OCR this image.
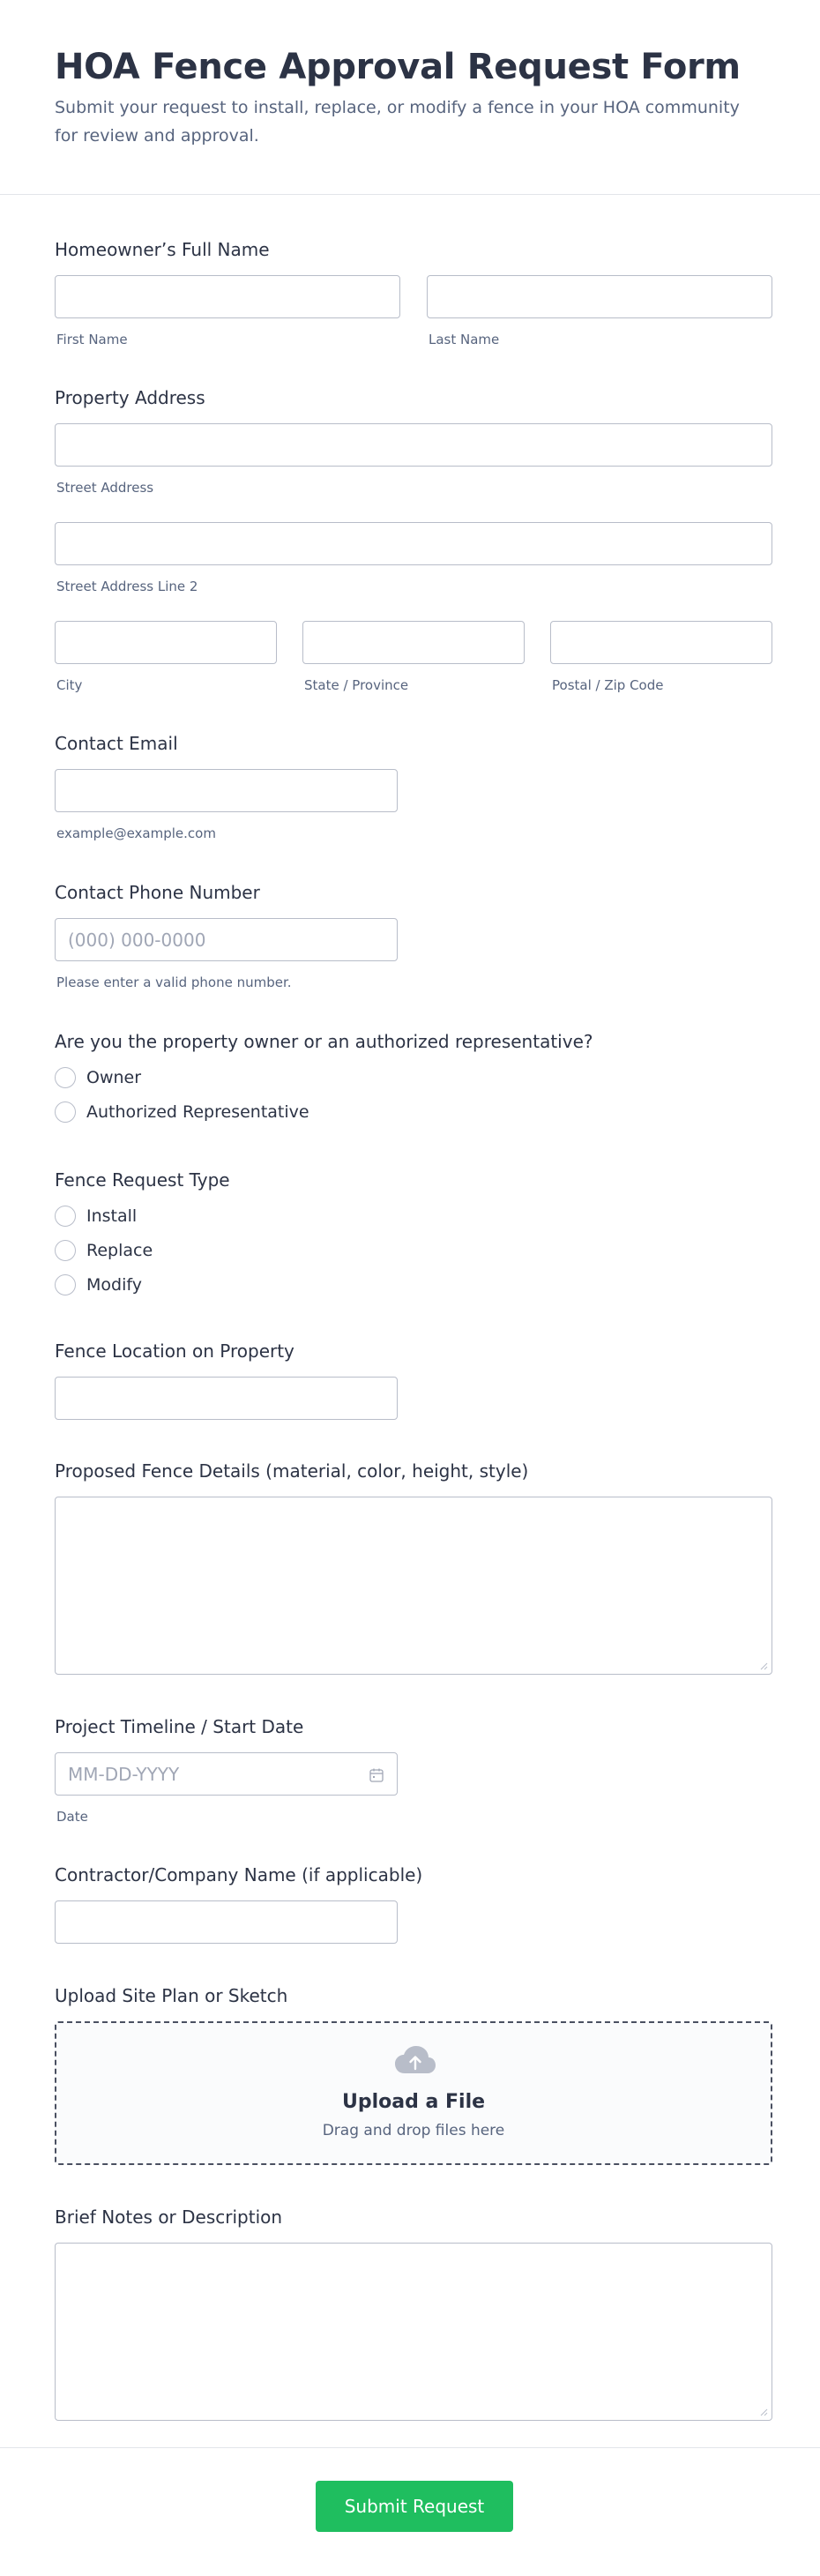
HOA Fence Approval Request Form

Submit your request to install, replace, or modify a fence in your HOA community for review and approval.

Homeowner’s Full Name
First Name	Last Name
Property Address
Street Address
Street Address Line 2
City	State / Province	Postal / Zip Code
Contact Email
example@example.com
Contact Phone Number
(000) 000-0000
Please enter a valid phone number.
Are you the property owner or an authorized representative?
Owner
Authorized Representative
Fence Request Type
Install
Replace
Modify
Fence Location on Property
Proposed Fence Details (material, color, height, style)
Project Timeline / Start Date
MM-DD-YYYY
Date
Contractor/Company Name (if applicable)
Upload Site Plan or Sketch
Upload a File
Drag and drop files here
Brief Notes or Description
Submit Request
